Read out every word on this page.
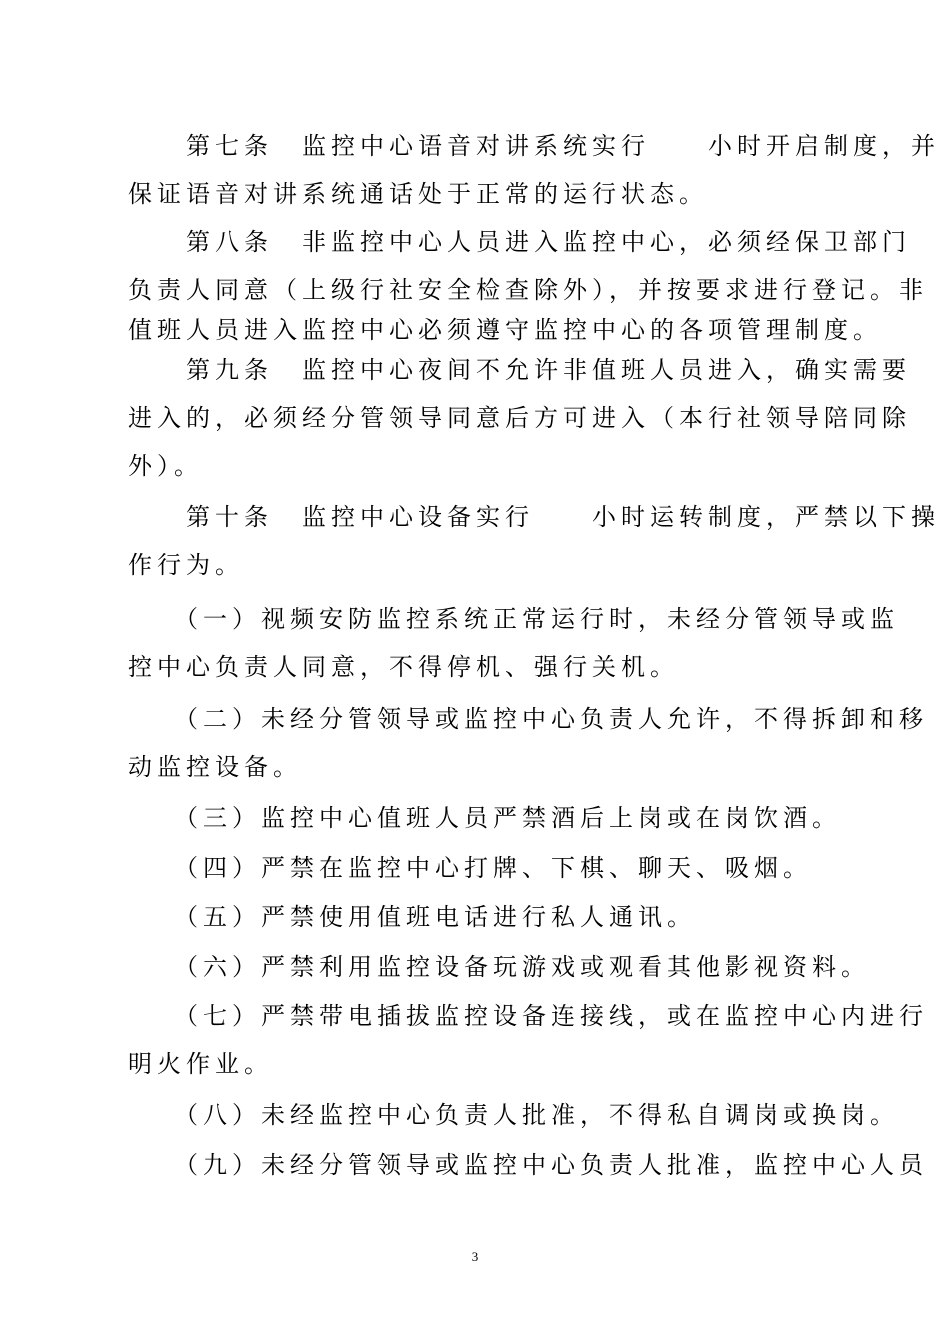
　　第七条　监控中心语音对讲系统实行　　小时开启制度，并

保证语音对讲系统通话处于正常的运行状态。

　　第八条　非监控中心人员进入监控中心，必须经保卫部门

负责人同意（上级行社安全检查除外），并按要求进行登记。非

值班人员进入监控中心必须遵守监控中心的各项管理制度。

　　第九条　监控中心夜间不允许非值班人员进入，确实需要

进入的，必须经分管领导同意后方可进入（本行社领导陪同除

外）。

　　第十条　监控中心设备实行　　小时运转制度，严禁以下操

作行为。

　　（一）视频安防监控系统正常运行时，未经分管领导或监

控中心负责人同意，不得停机、强行关机。

　　（二）未经分管领导或监控中心负责人允许，不得拆卸和移

动监控设备。

　　（三）监控中心值班人员严禁酒后上岗或在岗饮酒。

　　（四）严禁在监控中心打牌、下棋、聊天、吸烟。

　　（五）严禁使用值班电话进行私人通讯。

　　（六）严禁利用监控设备玩游戏或观看其他影视资料。

　　（七）严禁带电插拔监控设备连接线，或在监控中心内进行

明火作业。

　　（八）未经监控中心负责人批准，不得私自调岗或换岗。

　　（九）未经分管领导或监控中心负责人批准，监控中心人员

3
